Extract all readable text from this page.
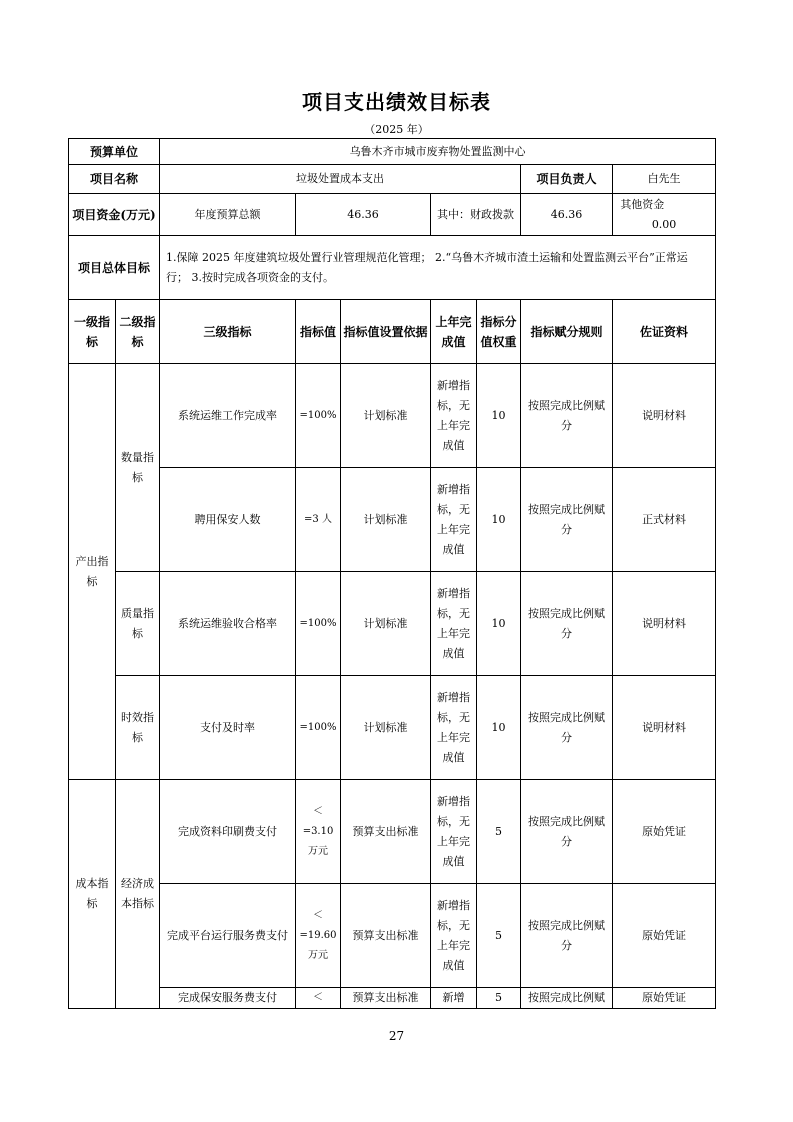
项目支出绩效目标表
（2025 年）
预算单位		乌鲁木齐市城市废弃物处置监测中心						
项目名称		垃圾处置成本支出					项目负责人	白先生
项目资金(万元)		年度预算总额	46.36		其中：财政拨款		46.36	其他资金  0.00
项目总体目标		1.保障 2025 年度建筑垃圾处置行业管理规范化管理； 2.“乌鲁木齐城市渣土运输和处置监测云平台”正常运行； 3.按时完成各项资金的支付。						
一级指标	二级指标	三级指标	指标值	指标值设置依据	上年完成值	指标分值权重	指标赋分规则	佐证资料
产出指标	数量指标	系统运维工作完成率	=100%	计划标准	新增指标，无上年完成值	10	按照完成比例赋分	说明材料
		聘用保安人数	=3 人	计划标准	新增指标，无上年完成值	10	按照完成比例赋分	正式材料
	质量指标	系统运维验收合格率	=100%	计划标准	新增指标，无上年完成值	10	按照完成比例赋分	说明材料
	时效指标	支付及时率	=100%	计划标准	新增指标，无上年完成值	10	按照完成比例赋分	说明材料
成本指标	经济成本指标	完成资料印刷费支付	＜=3.10万元	预算支出标准	新增指标，无上年完成值	5	按照完成比例赋分	原始凭证
		完成平台运行服务费支付	＜=19.60万元	预算支出标准	新增指标，无上年完成值	5	按照完成比例赋分	原始凭证
		完成保安服务费支付	＜	预算支出标准	新增	5	按照完成比例赋	原始凭证
27
